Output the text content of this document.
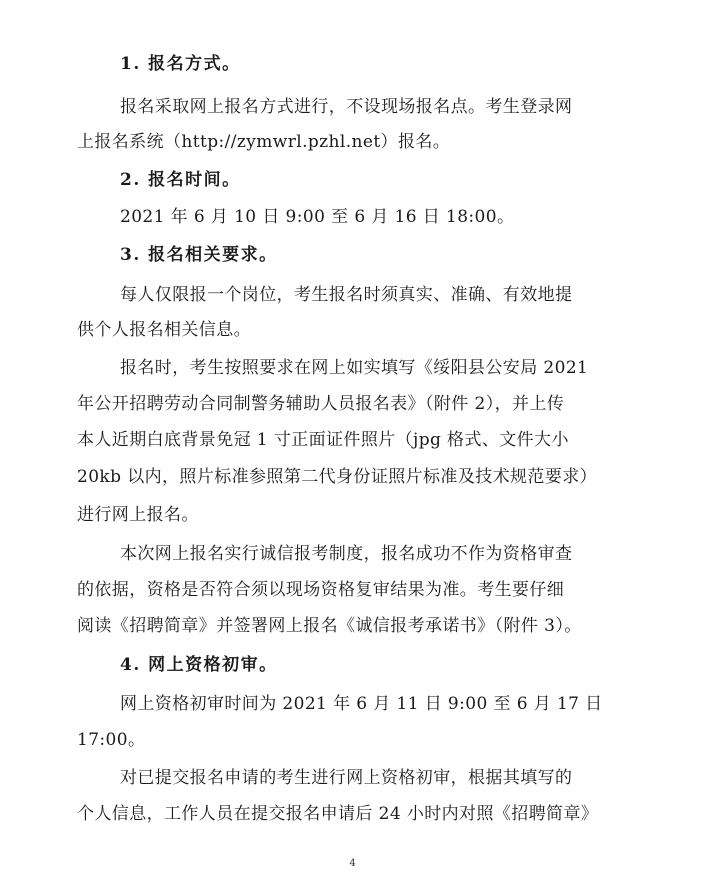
1. 报名方式。
报名采取网上报名方式进行，不设现场报名点。考生登录网
上报名系统（http://zymwrl.pzhl.net）报名。
2. 报名时间。
2021 年 6 月 10 日 9:00 至 6 月 16 日 18:00。
3. 报名相关要求。
每人仅限报一个岗位，考生报名时须真实、准确、有效地提
供个人报名相关信息。
报名时，考生按照要求在网上如实填写《绥阳县公安局 2021
年公开招聘劳动合同制警务辅助人员报名表》（附件 2），并上传
本人近期白底背景免冠 1 寸正面证件照片（jpg 格式、文件大小
20kb 以内，照片标准参照第二代身份证照片标准及技术规范要求）
进行网上报名。
本次网上报名实行诚信报考制度，报名成功不作为资格审查
的依据，资格是否符合须以现场资格复审结果为准。考生要仔细
阅读《招聘简章》并签署网上报名《诚信报考承诺书》（附件 3）。
4. 网上资格初审。
网上资格初审时间为 2021 年 6 月 11 日 9:00 至 6 月 17 日
17:00。
对已提交报名申请的考生进行网上资格初审，根据其填写的
个人信息，工作人员在提交报名申请后 24 小时内对照《招聘简章》
4
